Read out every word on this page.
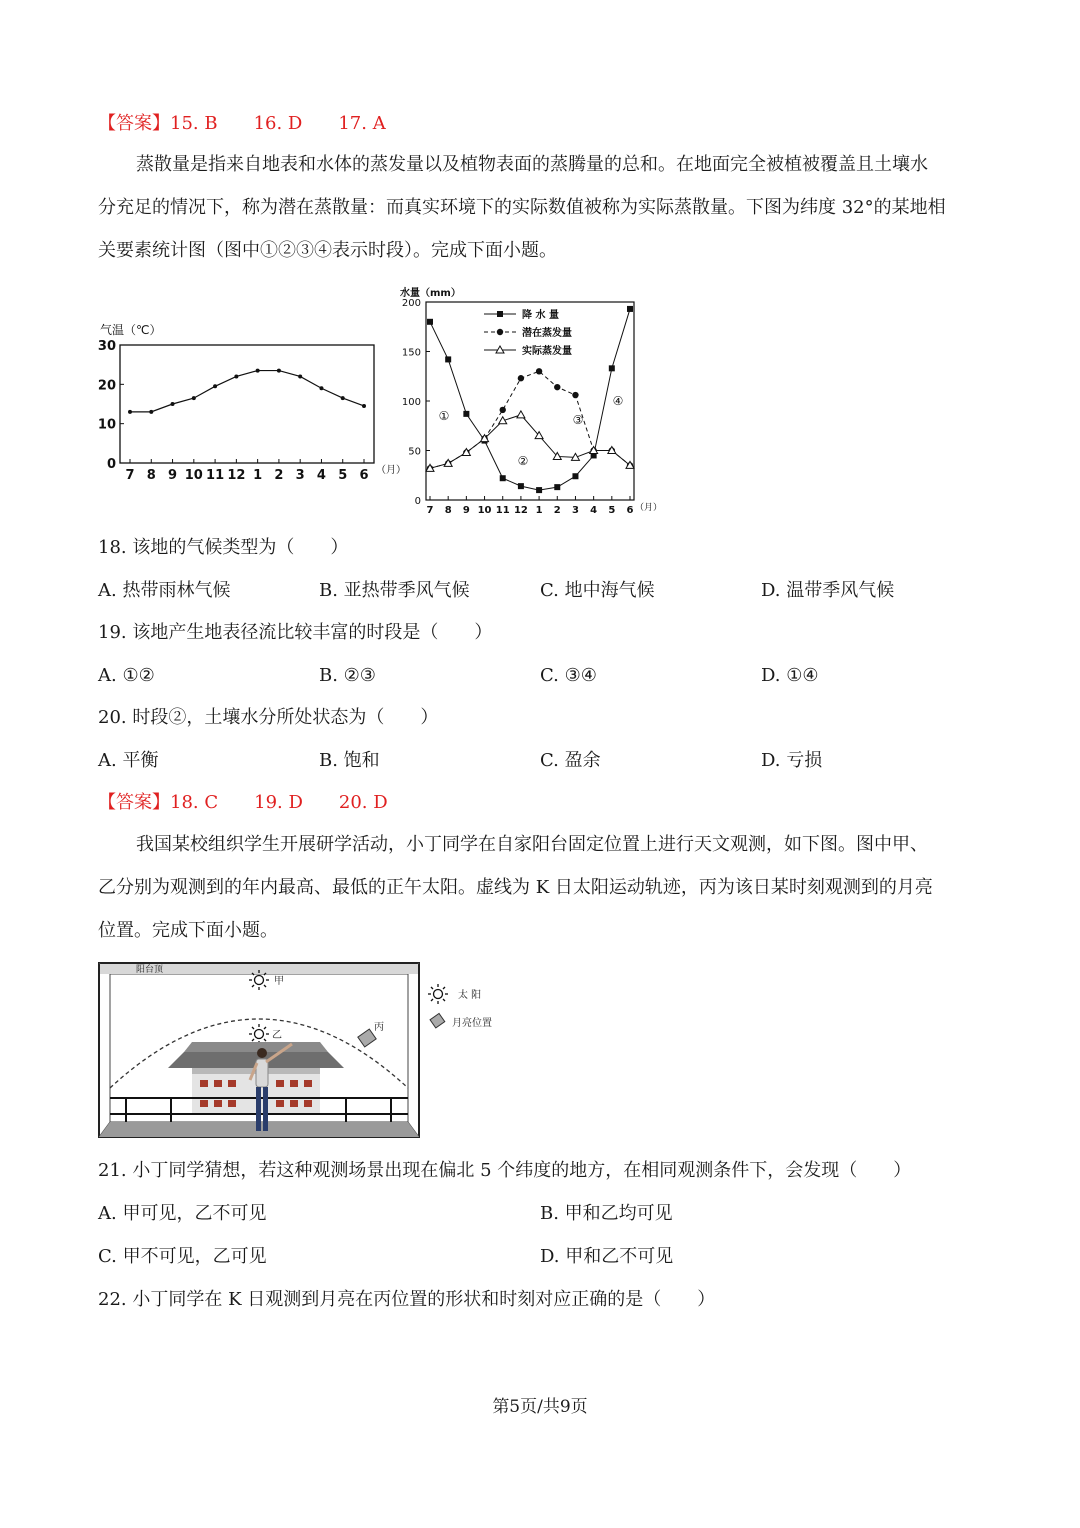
【答案】15. B 16. D 17. A
蒸散量是指来自地表和水体的蒸发量以及植物表面的蒸腾量的总和。在地面完全被植被覆盖且土壤水
分充足的情况下，称为潜在蒸散量：而真实环境下的实际数值被称为实际蒸散量。下图为纬度 32°的某地相
关要素统计图（图中①②③④表示时段）。完成下面小题。
气温（℃）
0
10
20
30
7 8 9 10 11 12 1 2 3 4 5 6 （月）
水量（mm）
0
50
100
150
200
7 8 9 10 11 12 1 2 3 4 5 6 （月）
降 水 量
潜在蒸发量
实际蒸发量
①
②
③
④
18. 该地的气候类型为（　　）
A. 热带雨林气候	B. 亚热带季风气候	C. 地中海气候	D. 温带季风气候
19. 该地产生地表径流比较丰富的时段是（　　）
A. ①②	B. ②③	C. ③④	D. ①④
20. 时段②，土壤水分所处状态为（　　）
A. 平衡	B. 饱和	C. 盈余	D. 亏损
【答案】18. C 19. D 20. D
我国某校组织学生开展研学活动，小丁同学在自家阳台固定位置上进行天文观测，如下图。图中甲、
乙分别为观测到的年内最高、最低的正午太阳。虚线为 K 日太阳运动轨迹，丙为该日某时刻观测到的月亮
位置。完成下面小题。
阳台顶
甲
乙
丙
太 阳
月亮位置
21. 小丁同学猜想，若这种观测场景出现在偏北 5 个纬度的地方，在相同观测条件下，会发现（　　）
A. 甲可见，乙不可见	B. 甲和乙均可见
C. 甲不可见，乙可见	D. 甲和乙不可见
22. 小丁同学在 K 日观测到月亮在丙位置的形状和时刻对应正确的是（　　）
第5页/共9页
